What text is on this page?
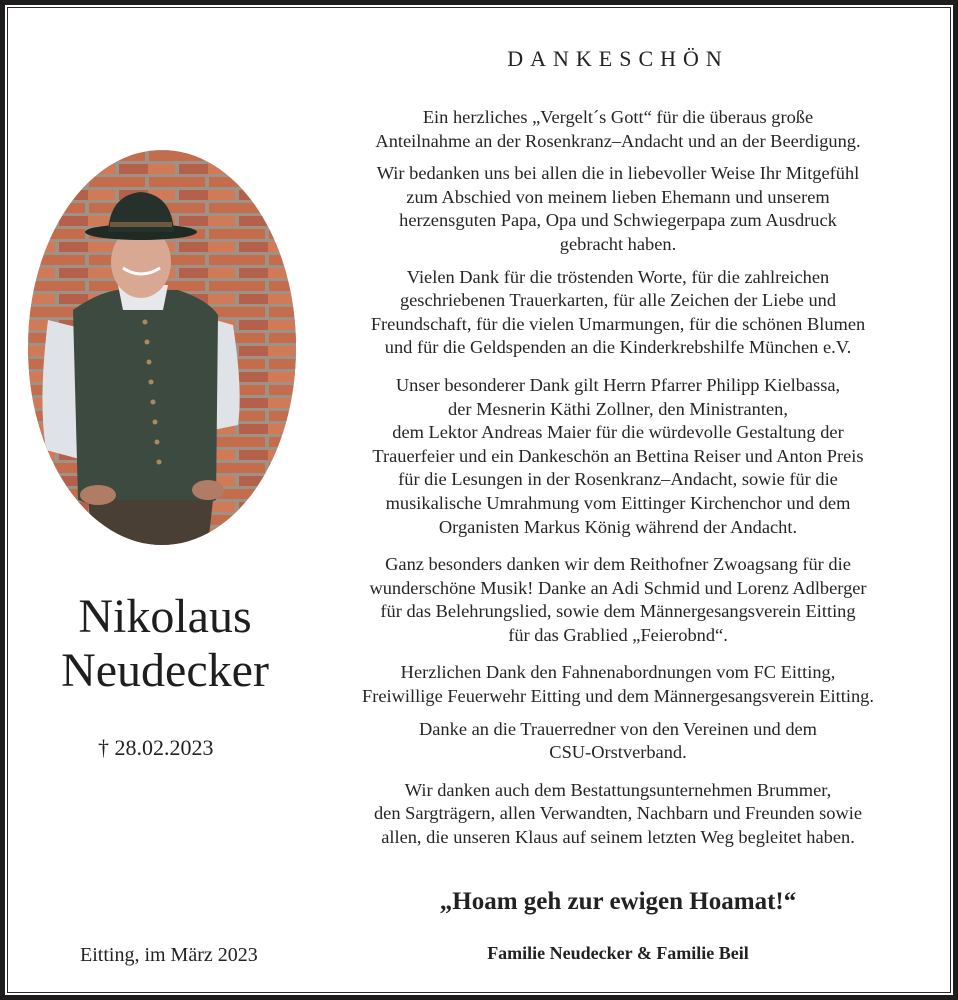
Nikolaus
Neudecker
† 28.02.2023
Eitting, im März 2023
DANKESCHÖN

Ein herzliches „Vergelt´s Gott“ für die überaus große
Anteilnahme an der Rosenkranz–Andacht und an der Beerdigung.

Wir bedanken uns bei allen die in liebevoller Weise Ihr Mitgefühl
zum Abschied von meinem lieben Ehemann und unserem
herzensguten Papa, Opa und Schwiegerpapa zum Ausdruck
gebracht haben.

Vielen Dank für die tröstenden Worte, für die zahlreichen
geschriebenen Trauerkarten, für alle Zeichen der Liebe und
Freundschaft, für die vielen Umarmungen, für die schönen Blumen
und für die Geldspenden an die Kinderkrebshilfe München e.V.

Unser besonderer Dank gilt Herrn Pfarrer Philipp Kielbassa,
der Mesnerin Käthi Zollner, den Ministranten,
dem Lektor Andreas Maier für die würdevolle Gestaltung der
Trauerfeier und ein Dankeschön an Bettina Reiser und Anton Preis
für die Lesungen in der Rosenkranz–Andacht, sowie für die
musikalische Umrahmung vom Eittinger Kirchenchor und dem
Organisten Markus König während der Andacht.

Ganz besonders danken wir dem Reithofner Zwoagsang für die
wunderschöne Musik! Danke an Adi Schmid und Lorenz Adlberger
für das Belehrungslied, sowie dem Männergesangsverein Eitting
für das Grablied „Feierobnd“.

Herzlichen Dank den Fahnenabordnungen vom FC Eitting,
Freiwillige Feuerwehr Eitting und dem Männergesangsverein Eitting.

Danke an die Trauerredner von den Vereinen und dem
CSU-Orstverband.

Wir danken auch dem Bestattungsunternehmen Brummer,
den Sargträgern, allen Verwandten, Nachbarn und Freunden sowie
allen, die unseren Klaus auf seinem letzten Weg begleitet haben.

„Hoam geh zur ewigen Hoamat!“
Familie Neudecker & Familie Beil
